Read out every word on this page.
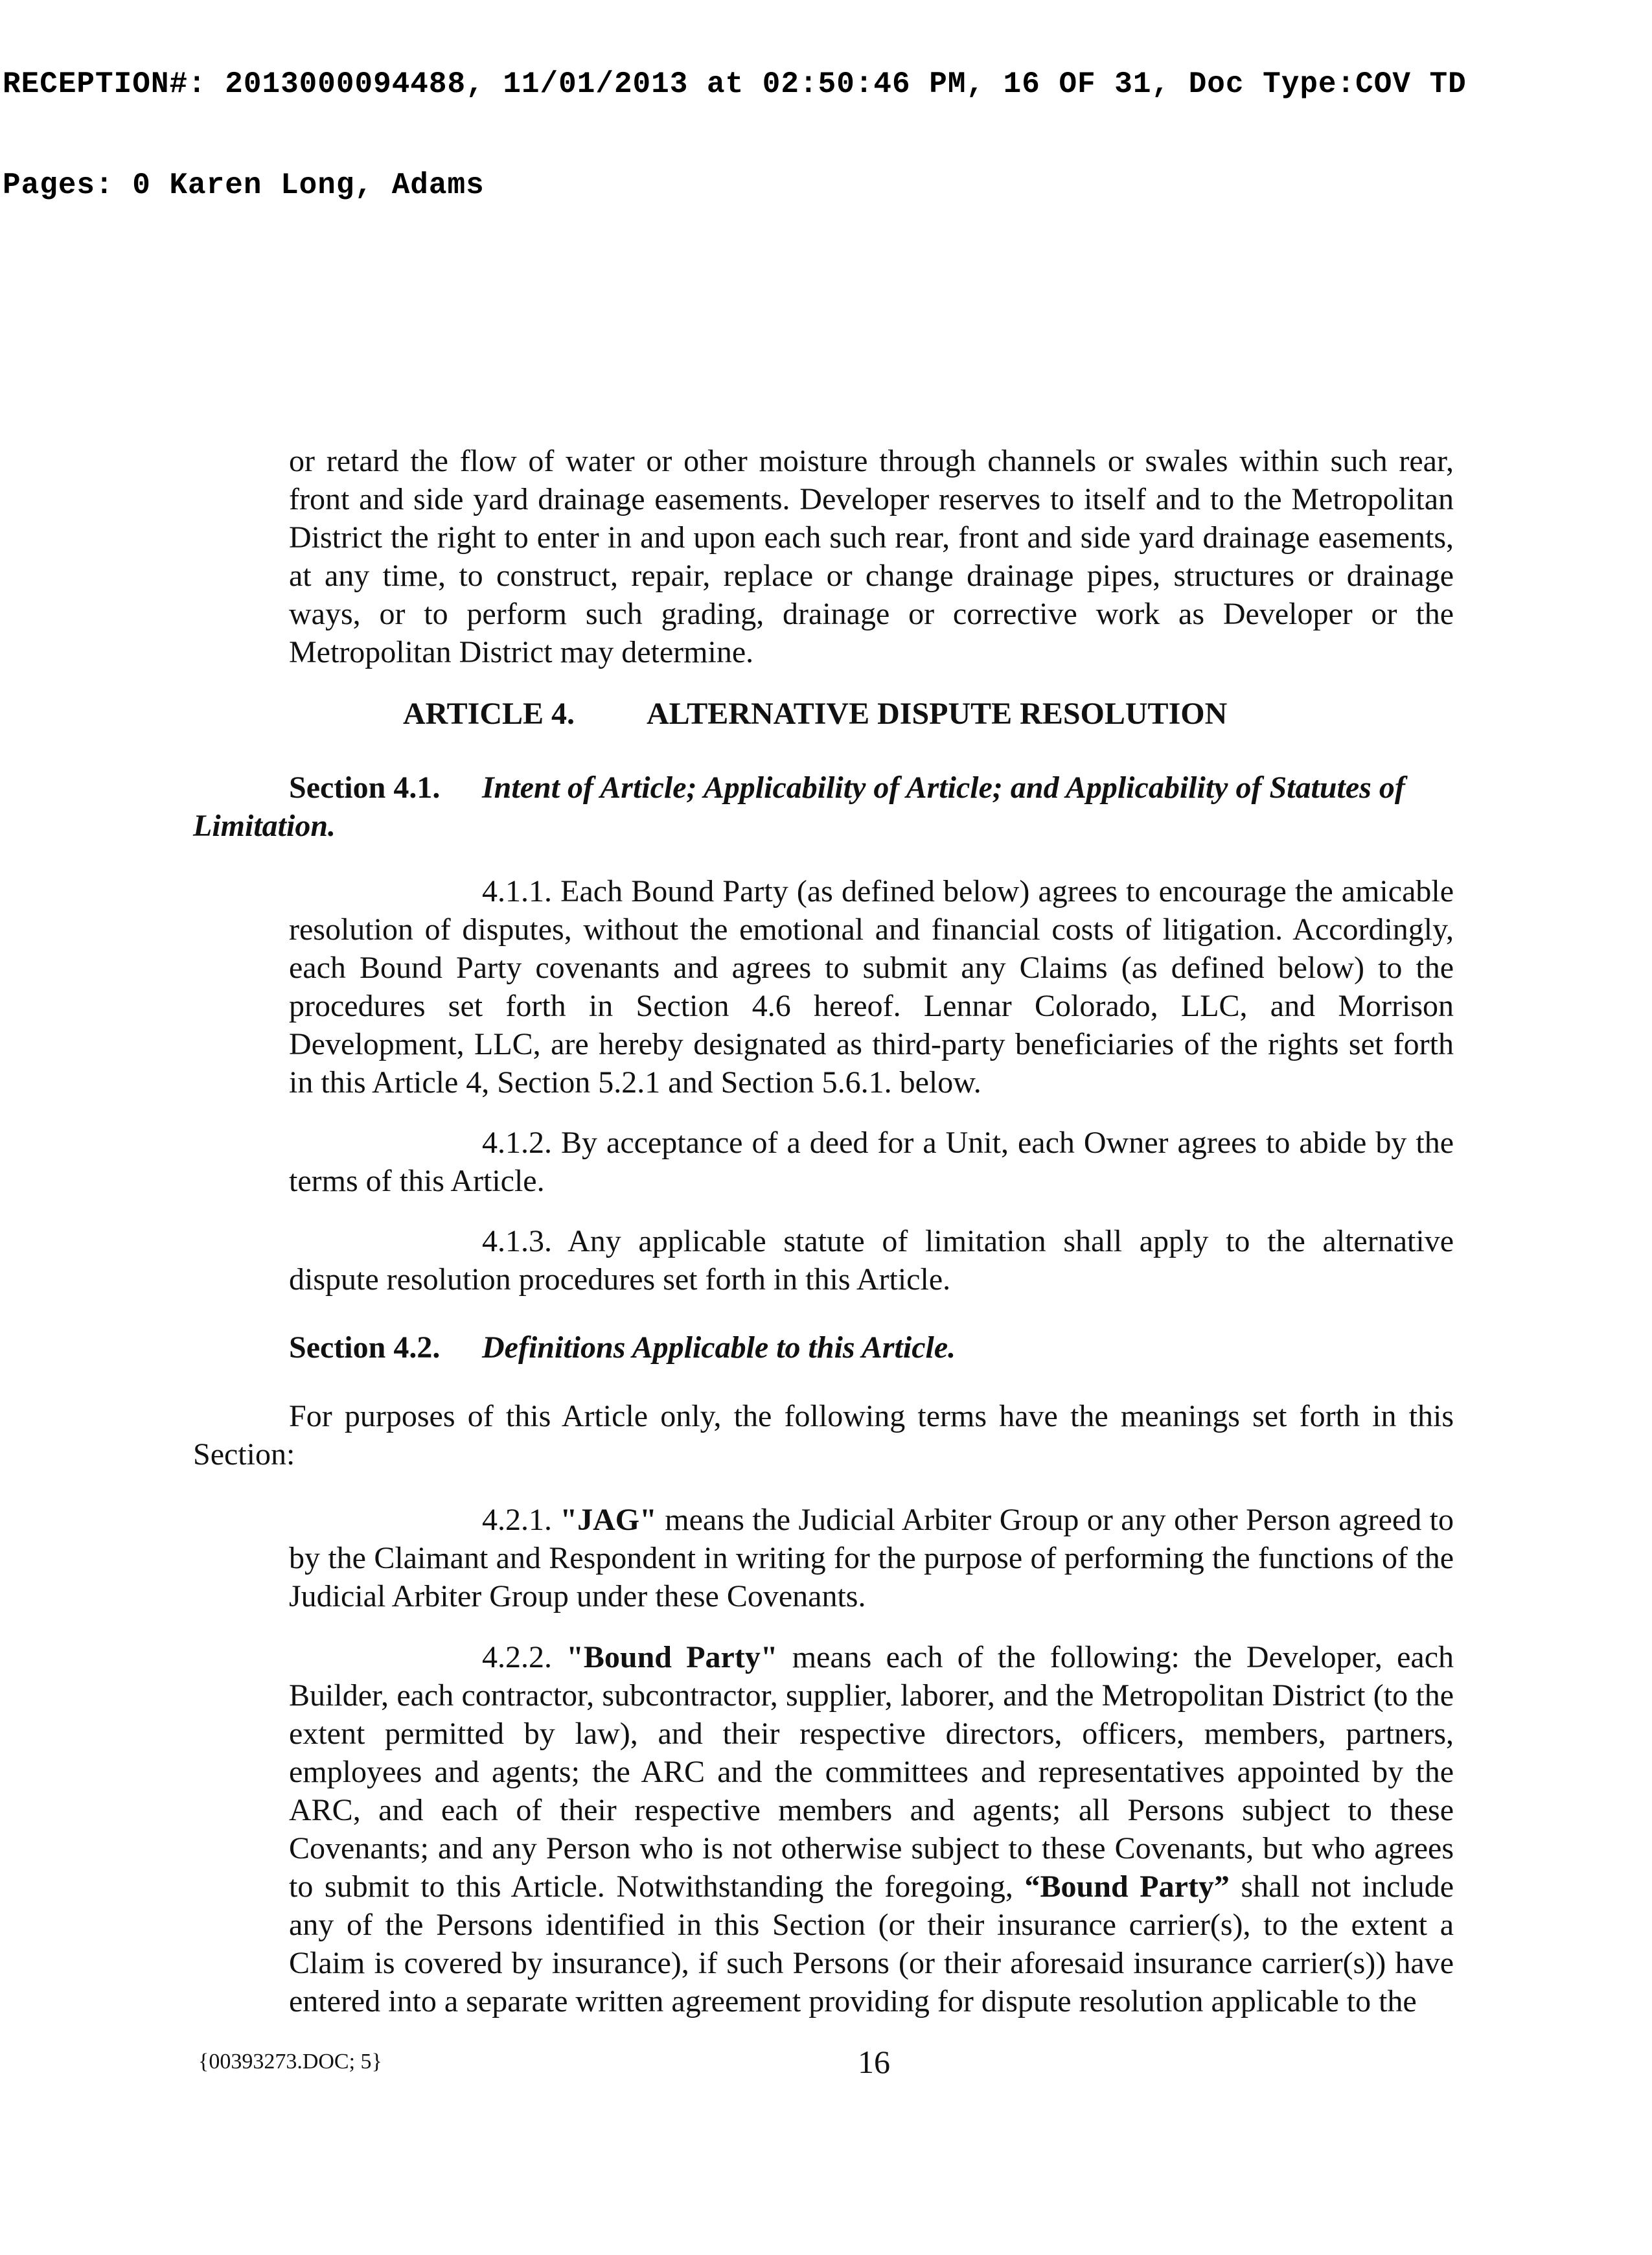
RECEPTION#: 2013000094488, 11/01/2013 at 02:50:46 PM, 16 OF 31, Doc Type:COV TD

Pages: 0 Karen Long, Adams

or retard the flow of water or other moisture through channels or swales within such rear, front and side yard drainage easements. Developer reserves to itself and to the Metropolitan District the right to enter in and upon each such rear, front and side yard drainage easements, at any time, to construct, repair, replace or change drainage pipes, structures or drainage ways, or to perform such grading, drainage or corrective work as Developer or the Metropolitan District may determine.

ARTICLE 4. ALTERNATIVE DISPUTE RESOLUTION
Section 4.1. Intent of Article; Applicability of Article; and Applicability of Statutes of
Limitation.

4.1.1. Each Bound Party (as defined below) agrees to encourage the amicable resolution of disputes, without the emotional and financial costs of litigation. Accordingly, each Bound Party covenants and agrees to submit any Claims (as defined below) to the procedures set forth in Section 4.6 hereof. Lennar Colorado, LLC, and Morrison Development, LLC, are hereby designated as third-party beneficiaries of the rights set forth in this Article 4, Section 5.2.1 and Section 5.6.1. below.

4.1.2. By acceptance of a deed for a Unit, each Owner agrees to abide by the terms of this Article.

4.1.3. Any applicable statute of limitation shall apply to the alternative dispute resolution procedures set forth in this Article.

Section 4.2. Definitions Applicable to this Article.
For purposes of this Article only, the following terms have the meanings set forth in this
Section:

4.2.1. "JAG" means the Judicial Arbiter Group or any other Person agreed to by the Claimant and Respondent in writing for the purpose of performing the functions of the Judicial Arbiter Group under these Covenants.

4.2.2. "Bound Party" means each of the following: the Developer, each Builder, each contractor, subcontractor, supplier, laborer, and the Metropolitan District (to the extent permitted by law), and their respective directors, officers, members, partners, employees and agents; the ARC and the committees and representatives appointed by the ARC, and each of their respective members and agents; all Persons subject to these Covenants; and any Person who is not otherwise subject to these Covenants, but who agrees to submit to this Article. Notwithstanding the foregoing, “Bound Party” shall not include any of the Persons identified in this Section (or their insurance carrier(s), to the extent a Claim is covered by insurance), if such Persons (or their aforesaid insurance carrier(s)) have entered into a separate written agreement providing for dispute resolution applicable to the

{00393273.DOC; 5}	16
